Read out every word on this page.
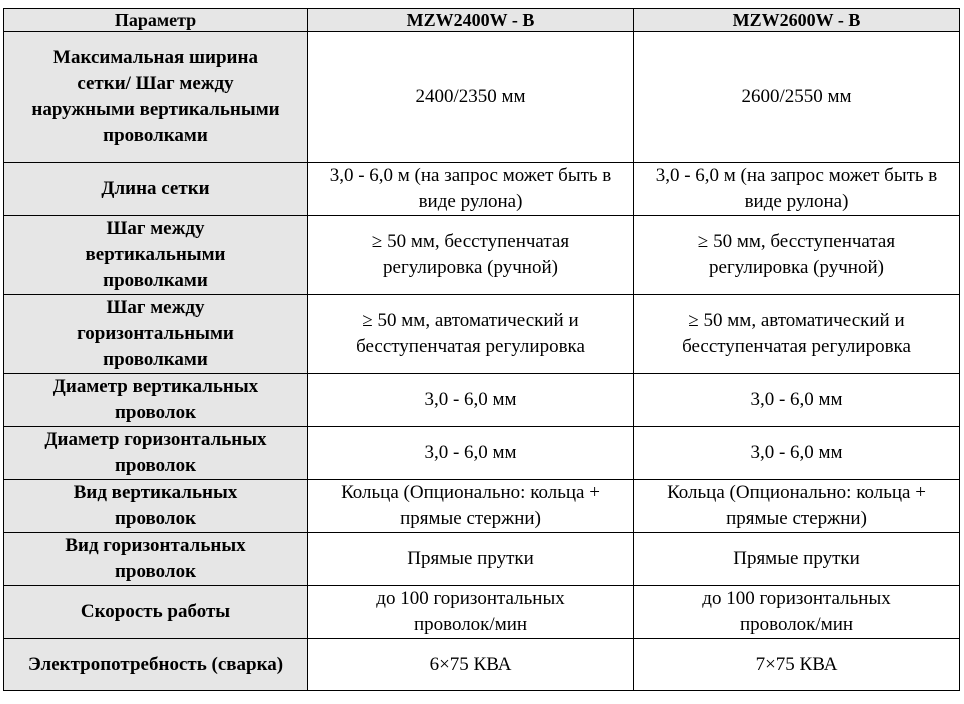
Параметр	MZW2400W - B	MZW2600W - B
Максимальная ширина сетки/ Шаг между наружными вертикальными проволками	2400/2350 мм	2600/2550 мм
Длина сетки	3,0 - 6,0 м (на запрос может быть в виде рулона)	3,0 - 6,0 м (на запрос может быть в виде рулона)
Шаг между вертикальными проволками	≥ 50 мм, бесступенчатая регулировка (ручной)	≥ 50 мм, бесступенчатая регулировка (ручной)
Шаг между горизонтальными проволками	≥ 50 мм, автоматический и бесступенчатая регулировка	≥ 50 мм, автоматический и бесступенчатая регулировка
Диаметр вертикальных проволок	3,0 - 6,0 мм	3,0 - 6,0 мм
Диаметр горизонтальных проволок	3,0 - 6,0 мм	3,0 - 6,0 мм
Вид вертикальных проволок	Кольца (Опционально: кольца + прямые стержни)	Кольца (Опционально: кольца + прямые стержни)
Вид горизонтальных проволок	Прямые прутки	Прямые прутки
Скорость работы	до 100 горизонтальных проволок/мин	до 100 горизонтальных проволок/мин
Электропотребность (сварка)	6×75 КВА	7×75 КВА
